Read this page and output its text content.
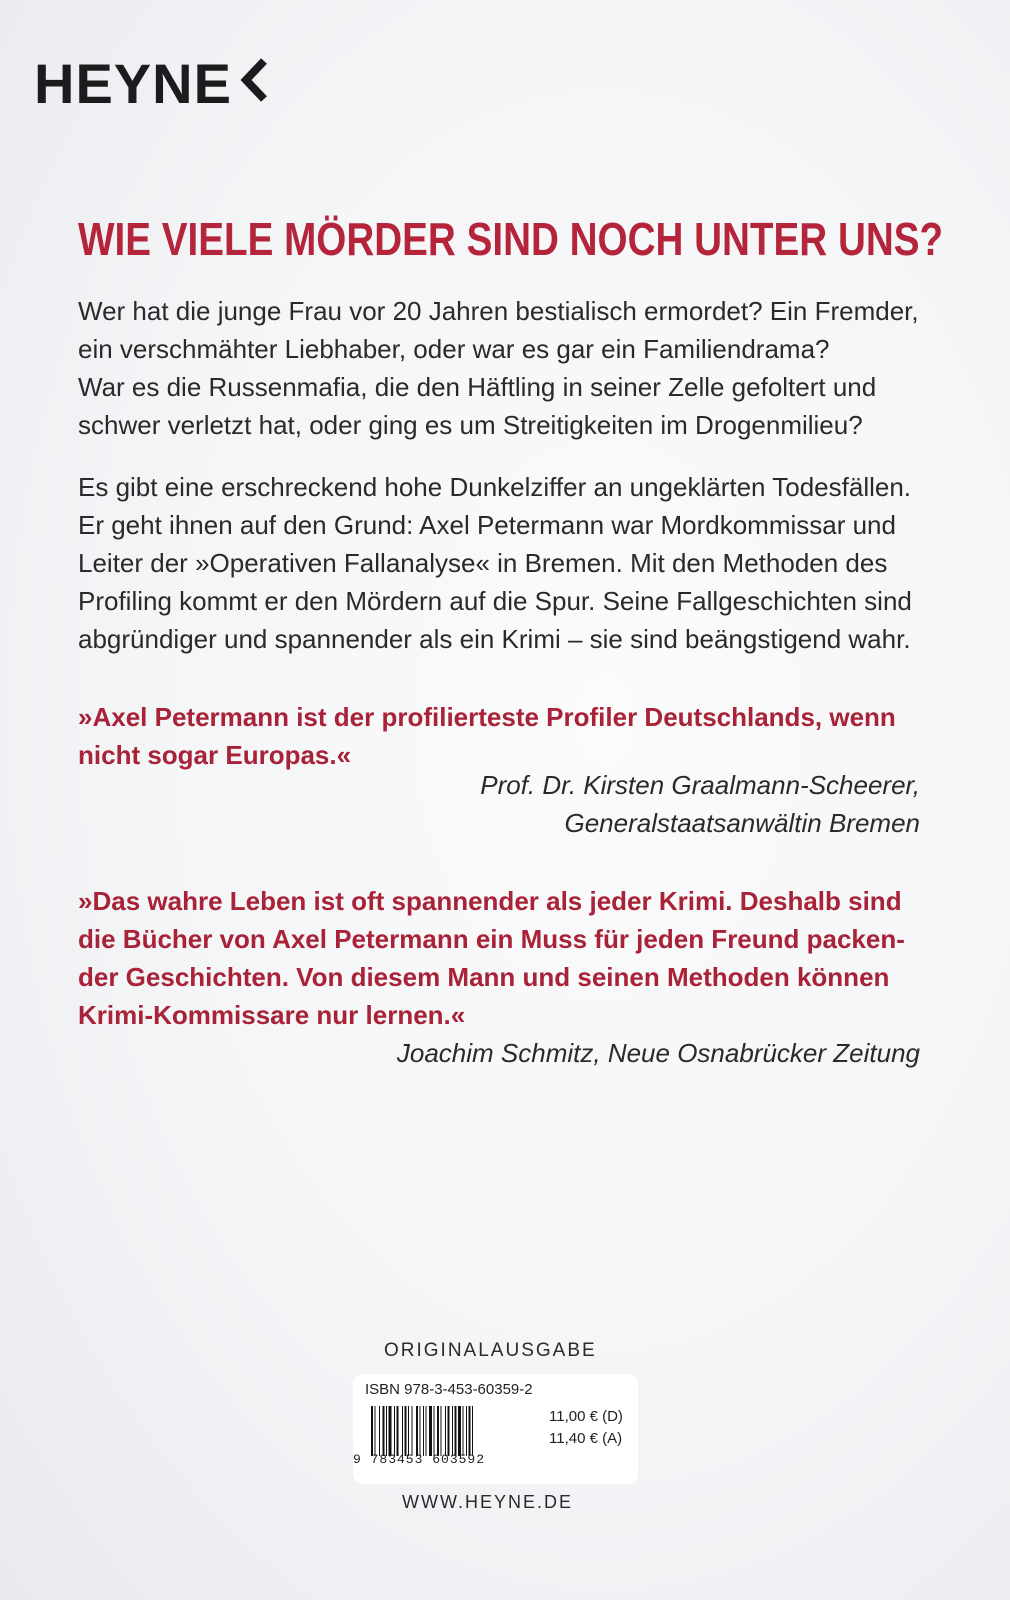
HEYNE
WIE VIELE MÖRDER SIND NOCH UNTER UNS?
Wer hat die junge Frau vor 20 Jahren bestialisch ermordet? Ein Fremder,
ein verschmähter Liebhaber, oder war es gar ein Familiendrama?
War es die Russenmafia, die den Häftling in seiner Zelle gefoltert und
schwer verletzt hat, oder ging es um Streitigkeiten im Drogenmilieu?
Es gibt eine erschreckend hohe Dunkelziffer an ungeklärten Todesfällen.
Er geht ihnen auf den Grund: Axel Petermann war Mordkommissar und
Leiter der »Operativen Fallanalyse« in Bremen. Mit den Methoden des
Profiling kommt er den Mördern auf die Spur. Seine Fallgeschichten sind
abgründiger und spannender als ein Krimi – sie sind beängstigend wahr.
»Axel Petermann ist der profilierteste Profiler Deutschlands, wenn
nicht sogar Europas.«
Prof. Dr. Kirsten Graalmann-Scheerer,
Generalstaatsanwältin Bremen
»Das wahre Leben ist oft spannender als jeder Krimi. Deshalb sind
die Bücher von Axel Petermann ein Muss für jeden Freund packen-
der Geschichten. Von diesem Mann und seinen Methoden können
Krimi-Kommissare nur lernen.«
Joachim Schmitz, Neue Osnabrücker Zeitung
ORIGINALAUSGABE
ISBN 978-3-453-60359-2
9 783453 603592
11,00 € (D)
11,40 € (A)
WWW.HEYNE.DE
